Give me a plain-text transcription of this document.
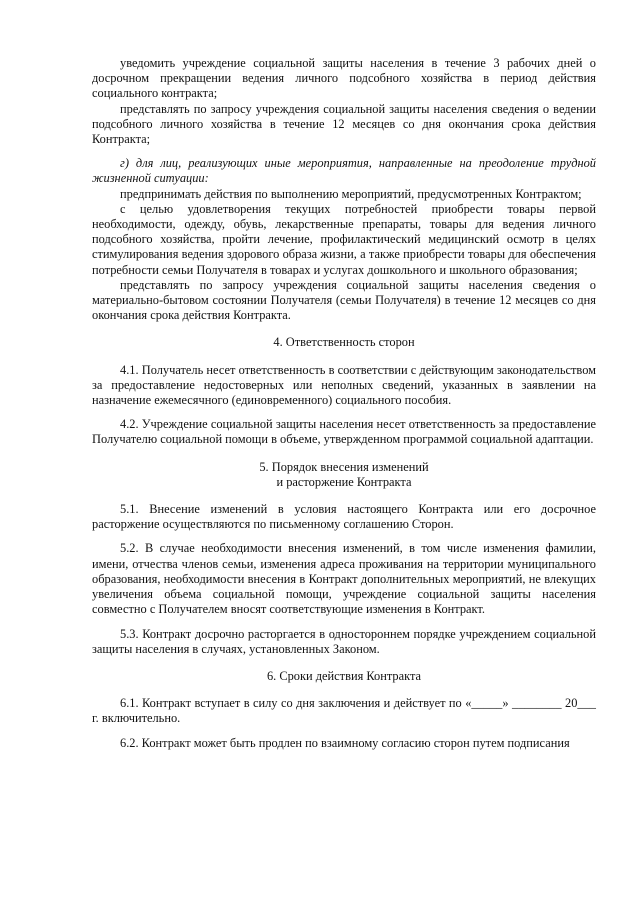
уведомить учреждение социальной защиты населения в течение 3 рабочих дней о досрочном прекращении ведения личного подсобного хозяйства в период действия социального контракта;

представлять по запросу учреждения социальной защиты населения сведения о ведении подсобного личного хозяйства в течение 12 месяцев со дня окончания срока действия Контракта;

г) для лиц, реализующих иные мероприятия, направленные на преодоление трудной жизненной ситуации:

предпринимать действия по выполнению мероприятий, предусмотренных Контрактом;

с целью удовлетворения текущих потребностей приобрести товары первой необходимости, одежду, обувь, лекарственные препараты, товары для ведения личного подсобного хозяйства, пройти лечение, профилактический медицинский осмотр в целях стимулирования ведения здорового образа жизни, а также приобрести товары для обеспечения потребности семьи Получателя в товарах и услугах дошкольного и школьного образования;

представлять по запросу учреждения социальной защиты населения сведения о материально-бытовом состоянии Получателя (семьи Получателя) в течение 12 месяцев со дня окончания срока действия Контракта.

4. Ответственность сторон

4.1. Получатель несет ответственность в соответствии с действующим законодательством за предоставление недостоверных или неполных сведений, указанных в заявлении на назначение ежемесячного (единовременного) социального пособия.

4.2. Учреждение социальной защиты населения несет ответственность за предоставление Получателю социальной помощи в объеме, утвержденном программой социальной адаптации.

5. Порядок внесения изменений
и расторжение Контракта

5.1. Внесение изменений в условия настоящего Контракта или его досрочное расторжение осуществляются по письменному соглашению Сторон.

5.2. В случае необходимости внесения изменений, в том числе изменения фамилии, имени, отчества членов семьи, изменения адреса проживания на территории муниципального образования, необходимости внесения в Контракт дополнительных мероприятий, не влекущих увеличения объема социальной помощи, учреждение социальной защиты населения совместно с Получателем вносят соответствующие изменения в Контракт.

5.3. Контракт досрочно расторгается в одностороннем порядке учреждением социальной защиты населения в случаях, установленных Законом.

6. Сроки действия Контракта

6.1. Контракт вступает в силу со дня заключения и действует по «_____» ________ 20___ г. включительно.

6.2. Контракт может быть продлен по взаимному согласию сторон путем подписания
